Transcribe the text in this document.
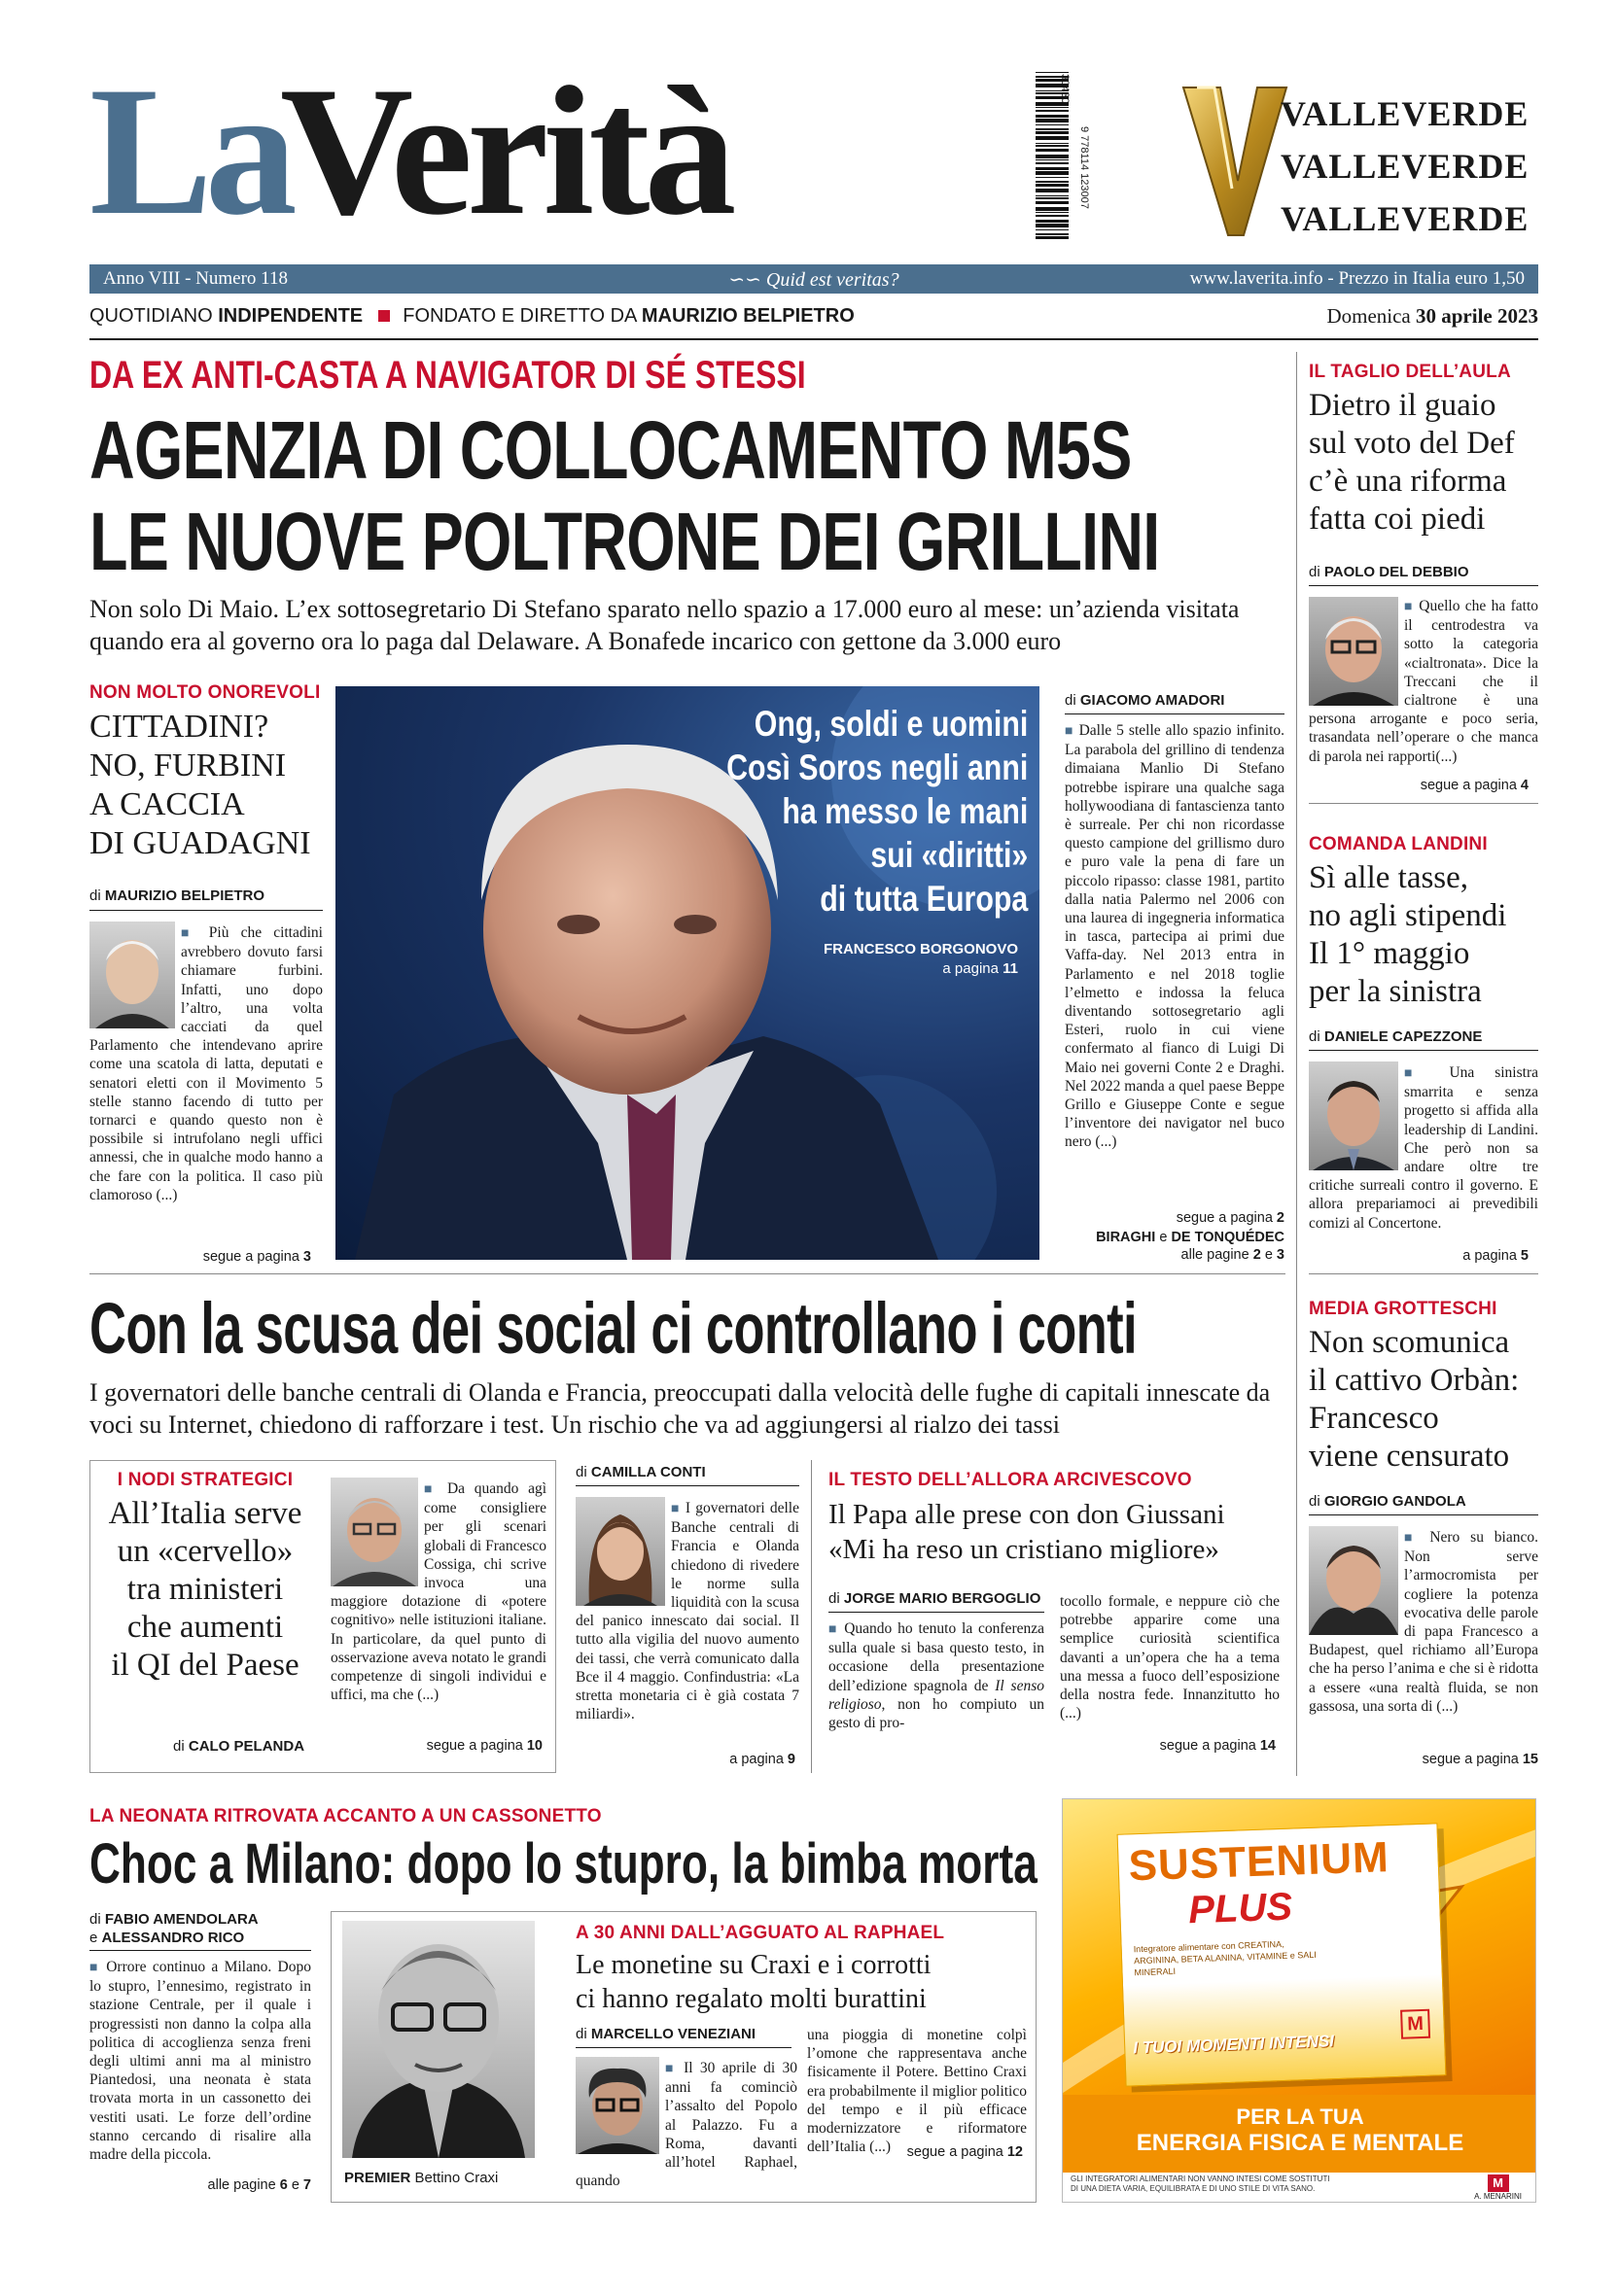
La
Verità	30430
9 778114 123007
VALLEVERDE
VALLEVERDE
VALLEVERDE
Anno VIII - Numero 118	∽∽ Quid est veritas?	www.laverita.info - Prezzo in Italia euro 1,50
QUOTIDIANO INDIPENDENTE FONDATO E DIRETTO DA MAURIZIO BELPIETRO	Domenica 30 aprile 2023
DA EX ANTI-CASTA A NAVIGATOR DI SÉ STESSI
AGENZIA DI COLLOCAMENTO M5S
LE NUOVE POLTRONE DEI GRILLINI
Non solo Di Maio. L’ex sottosegretario Di Stefano sparato nello spazio a 17.000 euro al mese: un’azienda visitata quando era al governo ora lo paga dal Delaware. A Bonafede incarico con gettone da 3.000 euro
NON MOLTO ONOREVOLI
CITTADINI?
NO, FURBINI
A CACCIA
DI GUADAGNI
di MAURIZIO BELPIETRO
■ Più che cittadini avrebbero dovuto farsi chiamare furbini. Infatti, uno dopo l’altro, una volta cacciati da quel Parlamento che intendevano aprire come una scatola di latta, deputati e senatori eletti con il Movimento 5 stelle stanno facendo di tutto per tornarci e quando questo non è possibile si intrufolano negli uffici annessi, che in qualche modo hanno a che fare con la politica. Il caso più clamoroso (...)
segue a pagina 3
Ong, soldi e uomini
Così Soros negli anni
ha messo le mani
sui «diritti»
di tutta Europa
FRANCESCO BORGONOVO
a pagina 11
di GIACOMO AMADORI
■ Dalle 5 stelle allo spazio infinito. La parabola del grillino di tendenza dimaiana Manlio Di Stefano potrebbe ispirare una qualche saga hollywoodiana di fantascienza tanto è surreale. Per chi non ricordasse questo campione del grillismo duro e puro vale la pena di fare un piccolo ripasso: classe 1981, partito dalla natia Palermo nel 2006 con una laurea di ingegneria informatica in tasca, partecipa ai primi due Vaffa-day. Nel 2013 entra in Parlamento e nel 2018 toglie l’elmetto e indossa la feluca diventando sottosegretario agli Esteri, ruolo in cui viene confermato al fianco di Luigi Di Maio nei governi Conte 2 e Draghi. Nel 2022 manda a quel paese Beppe Grillo e Giuseppe Conte e segue l’inventore dei navigator nel buco nero (...)
segue a pagina 2
BIRAGHI e DE TONQUÉDEC
alle pagine 2 e 3
IL TAGLIO DELL’AULA
Dietro il guaio
sul voto del Def
c’è una riforma
fatta coi piedi
di PAOLO DEL DEBBIO
■ Quello che ha fatto il centrodestra va sotto la categoria «cialtronata». Dice la Treccani che il cialtrone è una persona arrogante e poco seria, trasandata nell’operare o che manca di parola nei rapporti(...)
segue a pagina 4
COMANDA LANDINI
Sì alle tasse,
no agli stipendi
Il 1° maggio
per la sinistra
di DANIELE CAPEZZONE
■ Una sinistra smarrita e senza progetto si affida alla leadership di Landini. Che però non sa andare oltre tre critiche surreali contro il governo. E allora prepariamoci ai prevedibili comizi al Concertone.
a pagina 5
MEDIA GROTTESCHI
Non scomunica
il cattivo Orbàn:
Francesco
viene censurato
di GIORGIO GANDOLA
■ Nero su bianco. Non serve l’armocromista per cogliere la potenza evocativa delle parole di papa Francesco a Budapest, quel richiamo all’Europa che ha perso l’anima e che si è ridotta a essere «una realtà fluida, se non gassosa, una sorta di (...)
segue a pagina 15
Con la scusa dei social ci controllano i conti
I governatori delle banche centrali di Olanda e Francia, preoccupati dalla velocità delle fughe di capitali innescate da voci su Internet, chiedono di rafforzare i test. Un rischio che va ad aggiungersi al rialzo dei tassi
I NODI STRATEGICI
All’Italia serve
un «cervello»
tra ministeri
che aumenti
il QI del Paese
di CALO PELANDA
■ Da quando agì come consigliere per gli scenari globali di Francesco Cossiga, chi scrive invoca una maggiore dotazione di «potere cognitivo» nelle istituzioni italiane. In particolare, da quel punto di osservazione aveva notato le grandi competenze di singoli individui e uffici, ma che (...)
segue a pagina 10
di CAMILLA CONTI
■ I governatori delle Banche centrali di Francia e Olanda chiedono di rivedere le norme sulla liquidità con la scusa del panico innescato dai social. Il tutto alla vigilia del nuovo aumento dei tassi, che verrà comunicato dalla Bce il 4 maggio. Confindustria: «La stretta monetaria ci è già costata 7 miliardi».
a pagina 9
IL TESTO DELL’ALLORA ARCIVESCOVO
Il Papa alle prese con don Giussani
«Mi ha reso un cristiano migliore»
di JORGE MARIO BERGOGLIO
■ Quando ho tenuto la conferenza sulla quale si basa questo testo, in occasione della presentazione dell’edizione spagnola de Il senso religioso, non ho compiuto un gesto di pro-
tocollo formale, e neppure ciò che potrebbe apparire come una semplice curiosità scientifica davanti a un’opera che ha a tema una messa a fuoco dell’esposizione della nostra fede. Innanzitutto ho (...)
segue a pagina 14
LA NEONATA RITROVATA ACCANTO A UN CASSONETTO
Choc a Milano: dopo lo stupro, la bimba morta
di FABIO AMENDOLARA
e ALESSANDRO RICO
■ Orrore continuo a Milano. Dopo lo stupro, l’ennesimo, registrato in stazione Centrale, per il quale i progressisti non danno la colpa alla politica di accoglienza senza freni degli ultimi anni ma al ministro Piantedosi, una neonata è stata trovata morta in un cassonetto dei vestiti usati. Le forze dell’ordine stanno cercando di risalire alla madre della piccola.
alle pagine 6 e 7 PREMIER Bettino Craxi
A 30 ANNI DALL’AGGUATO AL RAPHAEL
Le monetine su Craxi e i corrotti
ci hanno regalato molti burattini
di MARCELLO VENEZIANI
■ Il 30 aprile di 30 anni fa cominciò l’assalto del Popolo al Palazzo. Fu a Roma, davanti all’hotel Raphael, quando
una pioggia di monetine colpì l’omone che rappresentava anche fisicamente il Potere. Bettino Craxi era probabilmente il miglior politico del tempo e il più efficace modernizzatore e riformatore dell’Italia (...)	segue a pagina 12
SUSTENIUM
PLUS
Integratore alimentare con CREATINA, ARGININA, BETA ALANINA, VITAMINE e SALI MINERALI
I TUOI MOMENTI INTENSI
M
PER LA TUA
ENERGIA FISICA E MENTALE
GLI INTEGRATORI ALIMENTARI NON VANNO INTESI COME SOSTITUTI DI UNA DIETA VARIA, EQUILIBRATA E DI UNO STILE DI VITA SANO.	M
A. MENARINI
